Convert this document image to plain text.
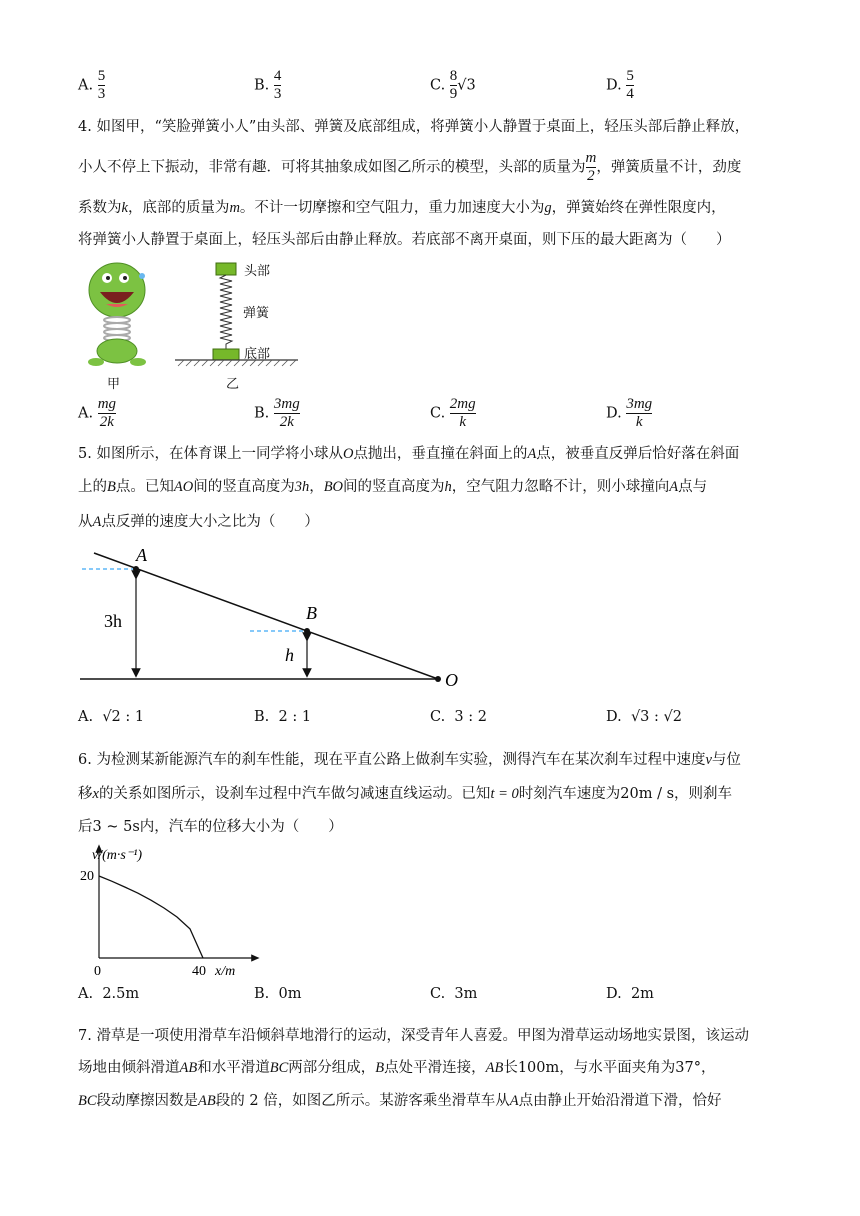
A. $\frac{5}{3}$	B. $\frac{4}{3}$	C. $\frac{8}{9} √3$	D. $\frac{5}{4}$
4. 如图甲，“笑脸弹簧小人”由头部、弹簧及底部组成，将弹簧小人静置于桌面上，轻压头部后静止释放，
小人不停上下振动，非常有趣．可将其抽象成如图乙所示的模型，头部的质量为 $\frac{m}{2}$ ，弹簧质量不计，劲度
系数为k，底部的质量为m。不计一切摩擦和空气阻力，重力加速度大小为g，弹簧始终在弹性限度内，
将弹簧小人静置于桌面上，轻压头部后由静止释放。若底部不离开桌面，则下压的最大距离为（　　）
甲
头部
弹簧
底部
乙
A. $\frac{mg}{2k}$	B. $\frac{3mg}{2k}$	C. $\frac{2mg}{k}$	D. $\frac{3mg}{k}$
5. 如图所示，在体育课上一同学将小球从O点抛出，垂直撞在斜面上的A点，被垂直反弹后恰好落在斜面
上的B点。已知AO间的竖直高度为3h，BO间的竖直高度为h，空气阻力忽略不计，则小球撞向A点与
从A点反弹的速度大小之比为（　　）
A
B
O
3h
h
A. √2 : 1	B. 2 : 1	C. 3 : 2	D. √3 : √2
6. 为检测某新能源汽车的刹车性能，现在平直公路上做刹车实验，测得汽车在某次刹车过程中速度v与位
移x的关系如图所示，设刹车过程中汽车做匀减速直线运动。已知t = 0时刻汽车速度为20m / s，则刹车
后3 ~ 5s内，汽车的位移大小为（　　）
v/(m·s⁻¹)
20
0	40 x/m
A. 2.5m	B. 0m	C. 3m	D. 2m
7. 滑草是一项使用滑草车沿倾斜草地滑行的运动，深受青年人喜爱。甲图为滑草运动场地实景图，该运动
场地由倾斜滑道AB和水平滑道BC两部分组成，B点处平滑连接，AB长100m，与水平面夹角为37°，
BC段动摩擦因数是AB段的 2 倍，如图乙所示。某游客乘坐滑草车从A点由静止开始沿滑道下滑，恰好
